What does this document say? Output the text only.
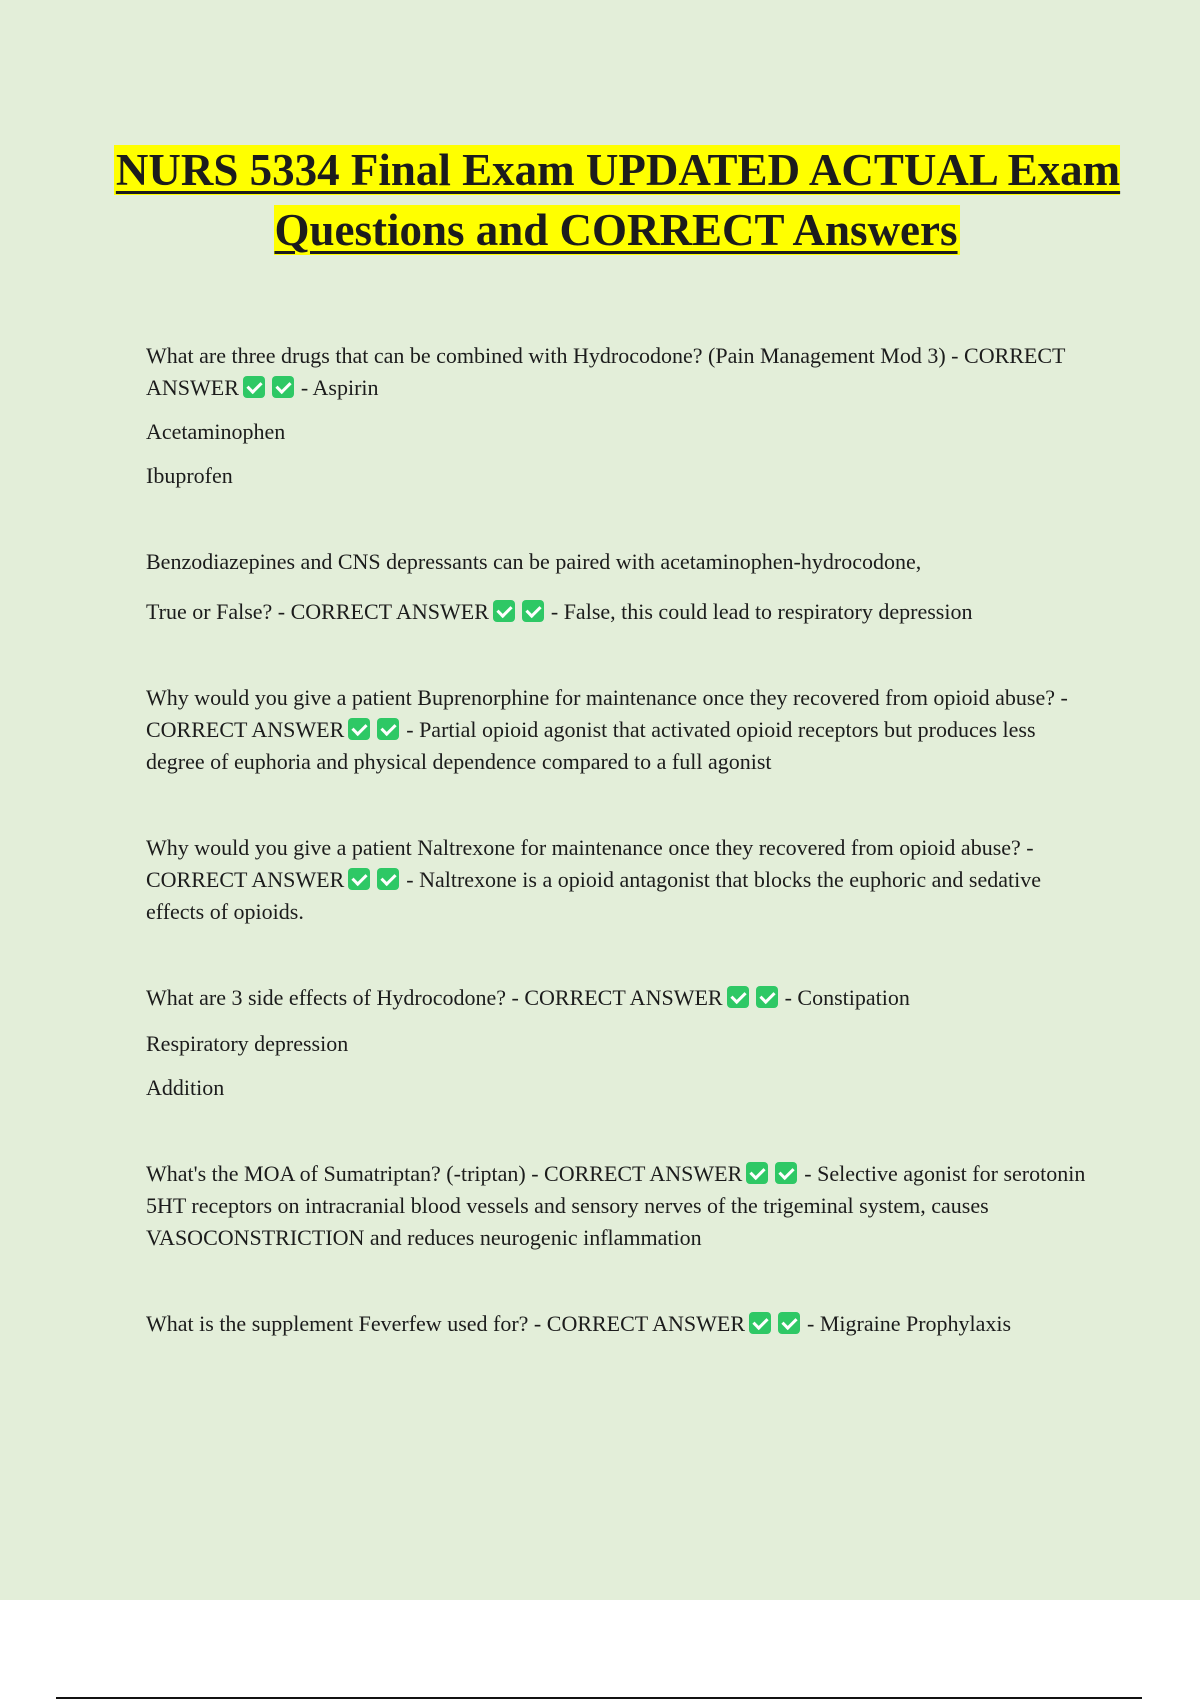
NURS 5334 Final Exam UPDATED ACTUAL Exam Questions and CORRECT Answers

What are three drugs that can be combined with Hydrocodone? (Pain Management Mod 3) - CORRECT ANSWER	- Aspirin

Acetaminophen

Ibuprofen

Benzodiazepines and CNS depressants can be paired with acetaminophen-hydrocodone,

True or False? - CORRECT ANSWER	- False, this could lead to respiratory depression

Why would you give a patient Buprenorphine for maintenance once they recovered from opioid abuse? - CORRECT ANSWER	- Partial opioid agonist that activated opioid receptors but produces less degree of euphoria and physical dependence compared to a full agonist

Why would you give a patient Naltrexone for maintenance once they recovered from opioid abuse? - CORRECT ANSWER	- Naltrexone is a opioid antagonist that blocks the euphoric and sedative effects of opioids.

What are 3 side effects of Hydrocodone? - CORRECT ANSWER	- Constipation

Respiratory depression

Addition

What's the MOA of Sumatriptan? (-triptan) - CORRECT ANSWER	- Selective agonist for serotonin 5HT receptors on intracranial blood vessels and sensory nerves of the trigeminal system, causes VASOCONSTRICTION and reduces neurogenic inflammation

What is the supplement Feverfew used for? - CORRECT ANSWER	- Migraine Prophylaxis
